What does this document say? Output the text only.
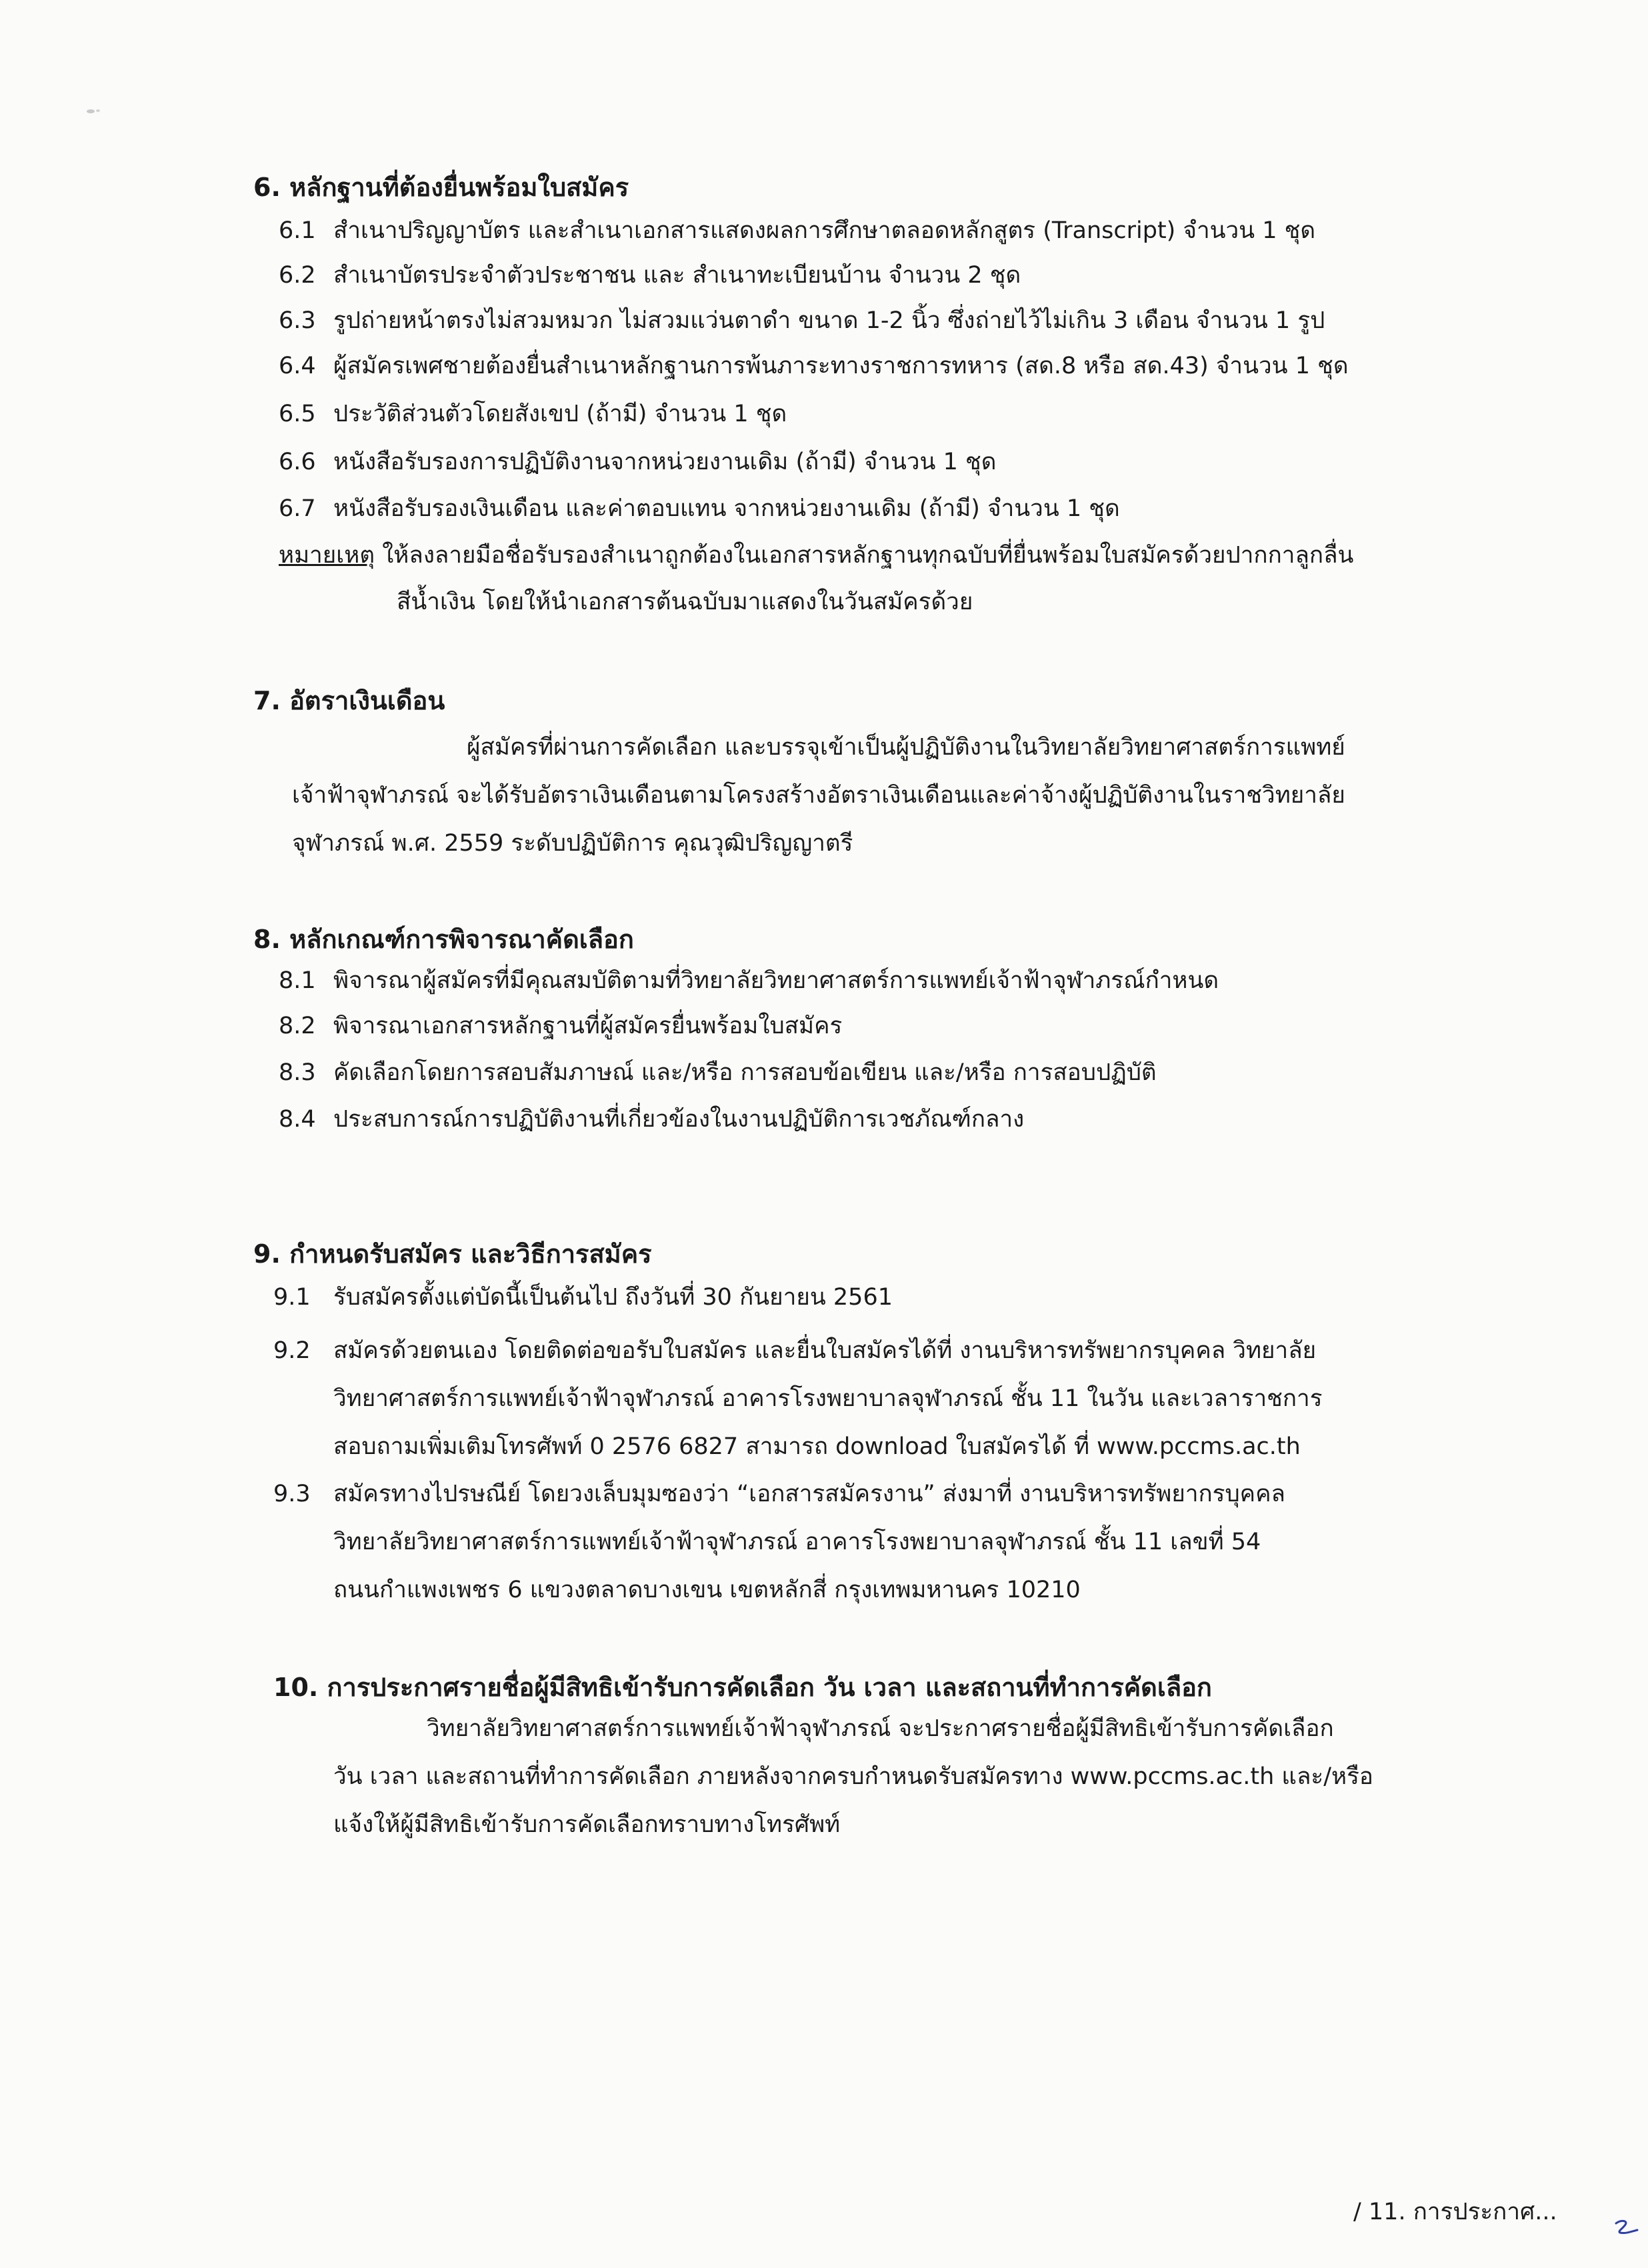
6. หลักฐานที่ต้องยื่นพร้อมใบสมัคร
6.1 สำเนาปริญญาบัตร และสำเนาเอกสารแสดงผลการศึกษาตลอดหลักสูตร (Transcript) จำนวน 1 ชุด
6.2 สำเนาบัตรประจำตัวประชาชน และ สำเนาทะเบียนบ้าน จำนวน 2 ชุด
6.3 รูปถ่ายหน้าตรงไม่สวมหมวก ไม่สวมแว่นตาดำ ขนาด 1-2 นิ้ว ซึ่งถ่ายไว้ไม่เกิน 3 เดือน จำนวน 1 รูป
6.4 ผู้สมัครเพศชายต้องยื่นสำเนาหลักฐานการพ้นภาระทางราชการทหาร (สด.8 หรือ สด.43) จำนวน 1 ชุด
6.5 ประวัติส่วนตัวโดยสังเขป (ถ้ามี) จำนวน 1 ชุด
6.6 หนังสือรับรองการปฏิบัติงานจากหน่วยงานเดิม (ถ้ามี) จำนวน 1 ชุด
6.7 หนังสือรับรองเงินเดือน และค่าตอบแทน จากหน่วยงานเดิม (ถ้ามี) จำนวน 1 ชุด
หมายเหตุ ให้ลงลายมือชื่อรับรองสำเนาถูกต้องในเอกสารหลักฐานทุกฉบับที่ยื่นพร้อมใบสมัครด้วยปากกาลูกลื่น
สีน้ำเงิน โดยให้นำเอกสารต้นฉบับมาแสดงในวันสมัครด้วย
7. อัตราเงินเดือน
ผู้สมัครที่ผ่านการคัดเลือก และบรรจุเข้าเป็นผู้ปฏิบัติงานในวิทยาลัยวิทยาศาสตร์การแพทย์
เจ้าฟ้าจุฬาภรณ์ จะได้รับอัตราเงินเดือนตามโครงสร้างอัตราเงินเดือนและค่าจ้างผู้ปฏิบัติงานในราชวิทยาลัย
จุฬาภรณ์ พ.ศ. 2559 ระดับปฏิบัติการ คุณวุฒิปริญญาตรี
8. หลักเกณฑ์การพิจารณาคัดเลือก
8.1 พิจารณาผู้สมัครที่มีคุณสมบัติตามที่วิทยาลัยวิทยาศาสตร์การแพทย์เจ้าฟ้าจุฬาภรณ์กำหนด
8.2 พิจารณาเอกสารหลักฐานที่ผู้สมัครยื่นพร้อมใบสมัคร
8.3 คัดเลือกโดยการสอบสัมภาษณ์ และ/หรือ การสอบข้อเขียน และ/หรือ การสอบปฏิบัติ
8.4 ประสบการณ์การปฏิบัติงานที่เกี่ยวข้องในงานปฏิบัติการเวชภัณฑ์กลาง
9. กำหนดรับสมัคร และวิธีการสมัคร
9.1 รับสมัครตั้งแต่บัดนี้เป็นต้นไป ถึงวันที่ 30 กันยายน 2561
9.2 สมัครด้วยตนเอง โดยติดต่อขอรับใบสมัคร และยื่นใบสมัครได้ที่ งานบริหารทรัพยากรบุคคล วิทยาลัย
วิทยาศาสตร์การแพทย์เจ้าฟ้าจุฬาภรณ์ อาคารโรงพยาบาลจุฬาภรณ์ ชั้น 11 ในวัน และเวลาราชการ
สอบถามเพิ่มเติมโทรศัพท์ 0 2576 6827 สามารถ download ใบสมัครได้ ที่ www.pccms.ac.th
9.3 สมัครทางไปรษณีย์ โดยวงเล็บมุมซองว่า “เอกสารสมัครงาน” ส่งมาที่ งานบริหารทรัพยากรบุคคล
วิทยาลัยวิทยาศาสตร์การแพทย์เจ้าฟ้าจุฬาภรณ์ อาคารโรงพยาบาลจุฬาภรณ์ ชั้น 11 เลขที่ 54
ถนนกำแพงเพชร 6 แขวงตลาดบางเขน เขตหลักสี่ กรุงเทพมหานคร 10210
10. การประกาศรายชื่อผู้มีสิทธิเข้ารับการคัดเลือก วัน เวลา และสถานที่ทำการคัดเลือก
วิทยาลัยวิทยาศาสตร์การแพทย์เจ้าฟ้าจุฬาภรณ์ จะประกาศรายชื่อผู้มีสิทธิเข้ารับการคัดเลือก
วัน เวลา และสถานที่ทำการคัดเลือก ภายหลังจากครบกำหนดรับสมัครทาง www.pccms.ac.th และ/หรือ
แจ้งให้ผู้มีสิทธิเข้ารับการคัดเลือกทราบทางโทรศัพท์
/ 11. การประกาศ...
